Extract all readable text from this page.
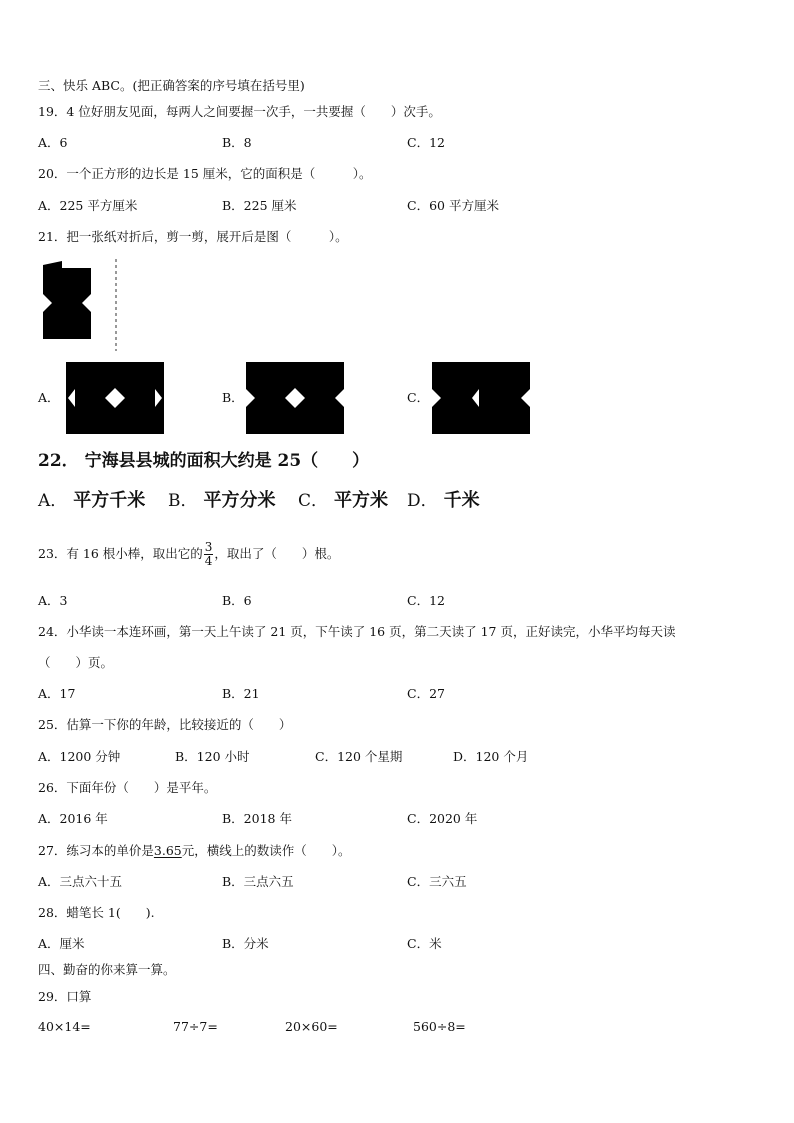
三、快乐 ABC。(把正确答案的序号填在括号里)
19．4 位好朋友见面，每两人之间要握一次手，一共要握（　　）次手。
A．6	B．8	C．12
20．一个正方形的边长是 15 厘米，它的面积是（　　　）。
A．225 平方厘米	B．225 厘米	C．60 平方厘米
21．把一张纸对折后，剪一剪，展开后是图（　　　）。
A．	B．	C．
22． 宁海县县城的面积大约是 25（　　）
A． 平方千米 B． 平方分米 C． 平方米 D． 千米
23．有 16 根小棒，取出它的 $\frac{3}{4}$ ，取出了（　　）根。
A．3	B．6	C．12
24．小华读一本连环画，第一天上午读了 21 页，下午读了 16 页，第二天读了 17 页，正好读完，小华平均每天读
（　　）页。
A．17	B．21	C．27
25．估算一下你的年龄，比较接近的（　　）
A．1200 分钟	B．120 小时	C．120 个星期	D．120 个月
26．下面年份（　　）是平年。
A．2016 年	B．2018 年	C．2020 年
27．练习本的单价是3.65元，横线上的数读作（　　）。
A．三点六十五	B．三点六五	C．三六五
28．蜡笔长 1(　　).
A．厘米	B．分米	C．米
四、勤奋的你来算一算。
29．口算
40×14=	77÷7=	20×60=	560÷8=
